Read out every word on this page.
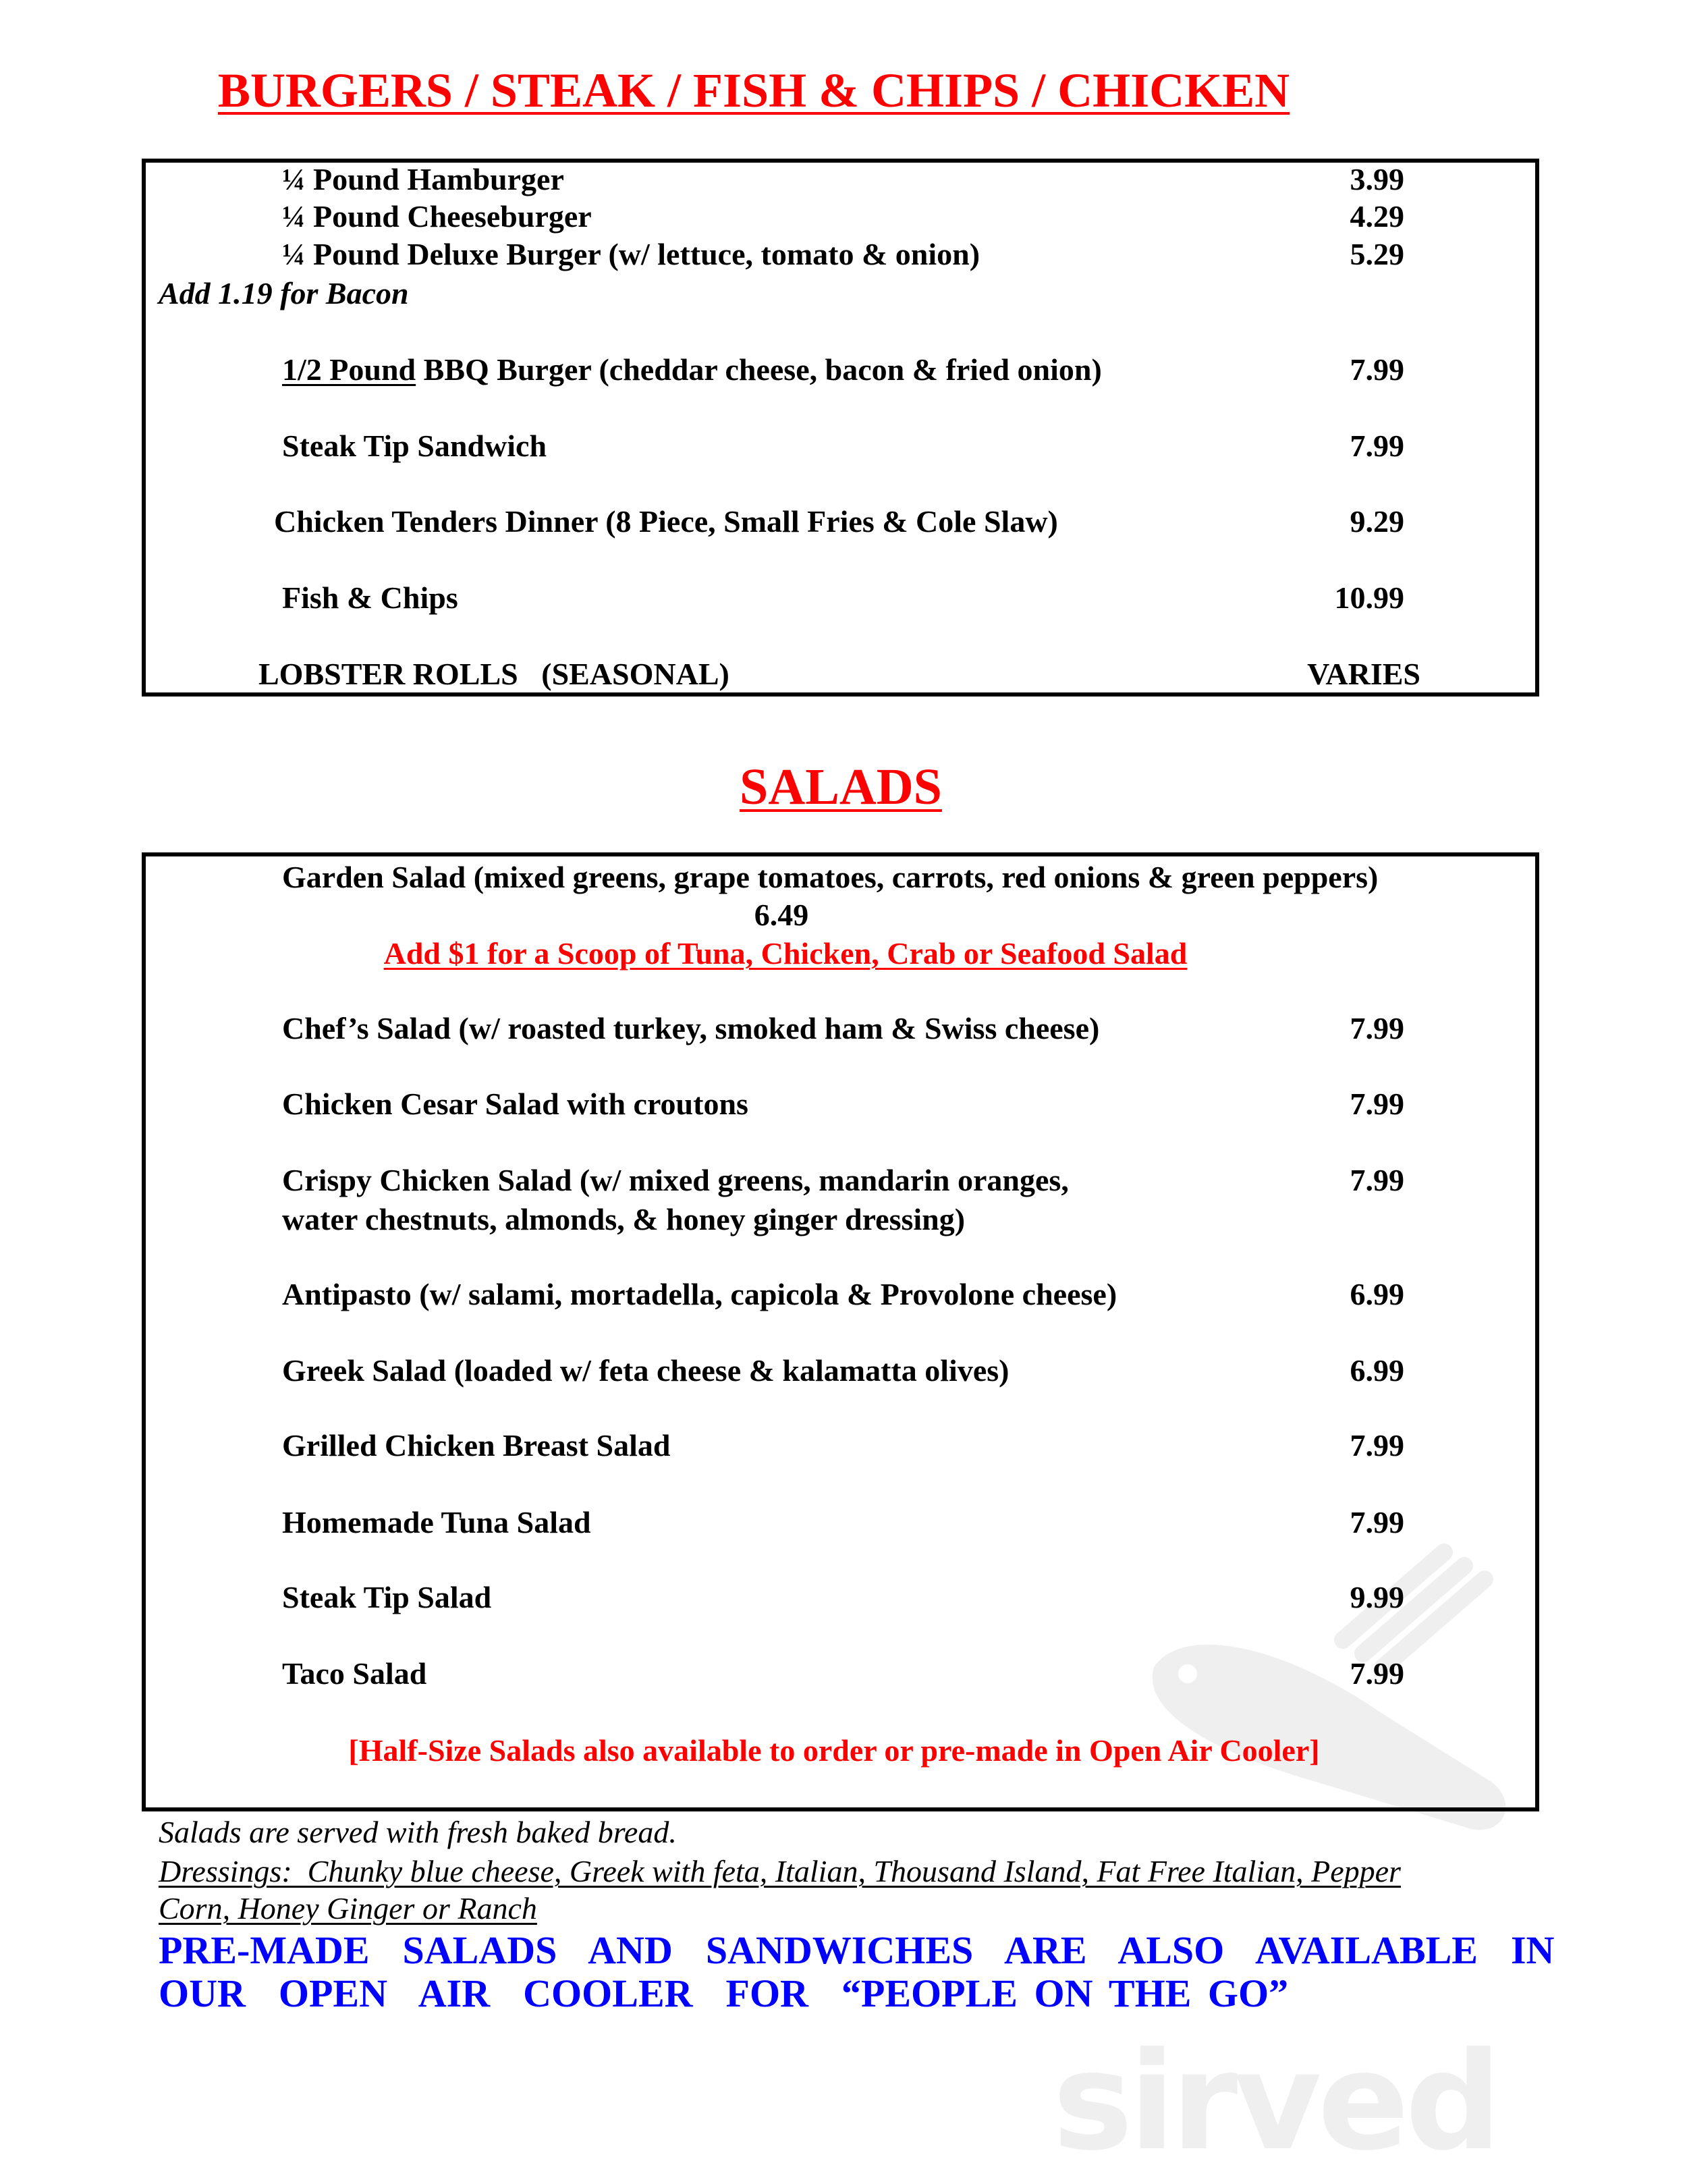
sirved
BURGERS / STEAK / FISH & CHIPS / CHICKEN
¼ Pound Hamburger	3.99
¼ Pound Cheeseburger	4.29
¼ Pound Deluxe Burger (w/ lettuce, tomato & onion)	5.29
Add 1.19 for Bacon
1/2 Pound BBQ Burger (cheddar cheese, bacon & fried onion)	7.99
Steak Tip Sandwich	7.99
Chicken Tenders Dinner (8 Piece, Small Fries & Cole Slaw)	9.29
Fish & Chips	10.99
LOBSTER ROLLS   (SEASONAL)	VARIES
SALADS
Garden Salad (mixed greens, grape tomatoes, carrots, red onions & green peppers)
6.49
Add $1 for a Scoop of Tuna, Chicken, Crab or Seafood Salad
Chef’s Salad (w/ roasted turkey, smoked ham & Swiss cheese)	7.99
Chicken Cesar Salad with croutons	7.99
Crispy Chicken Salad (w/ mixed greens, mandarin oranges,
water chestnuts, almonds, & honey ginger dressing)
7.99
Antipasto (w/ salami, mortadella, capicola & Provolone cheese)	6.99
Greek Salad (loaded w/ feta cheese & kalamatta olives)	6.99
Grilled Chicken Breast Salad	7.99
Homemade Tuna Salad	7.99
Steak Tip Salad	9.99
Taco Salad	7.99
[Half-Size Salads also available to order or pre-made in Open Air Cooler]
Salads are served with fresh baked bread.
Dressings:  Chunky blue cheese, Greek with feta, Italian, Thousand Island, Fat Free Italian, Pepper
Corn, Honey Ginger or Ranch
PRE-MADE  SALADS  AND  SANDWICHES  ARE  ALSO  AVAILABLE  IN
OUR  OPEN  AIR  COOLER  FOR  “PEOPLE ON THE GO”
